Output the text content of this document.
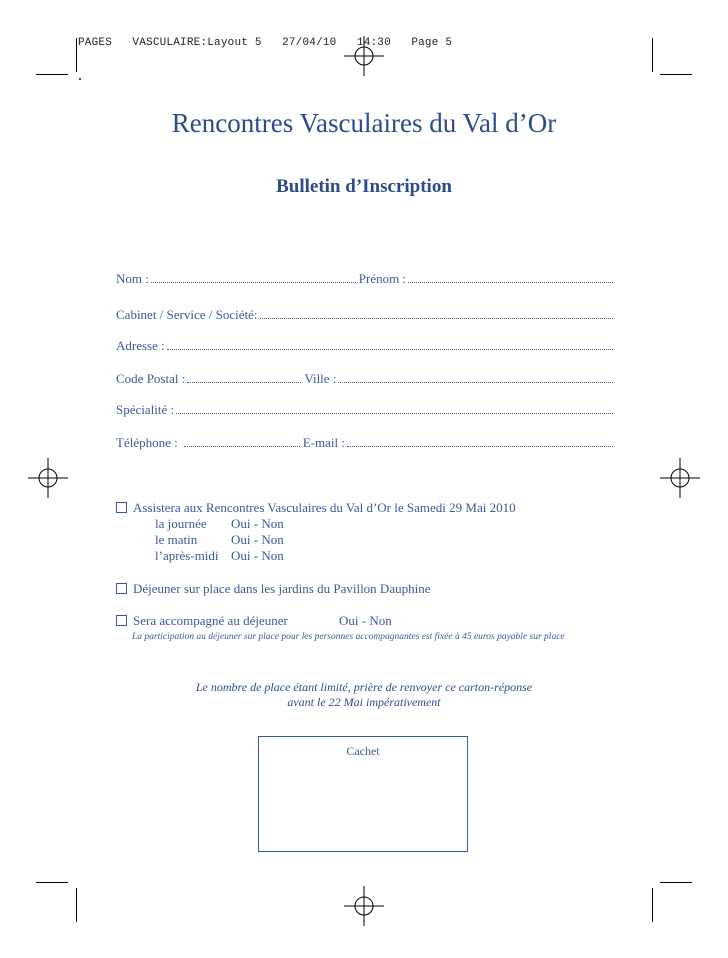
PAGES VASCULAIRE:Layout 5 27/04/10 14:30 Page 5
Rencontres Vasculaires du Val d’Or
Bulletin d’Inscription
Nom :	Prénom :
Cabinet / Service / Société:
Adresse :
Code Postal :	Ville :
Spécialité :
Téléphone :	E-mail :
Assistera aux Rencontres Vasculaires du Val d’Or le Samedi 29 Mai 2010
la journée	Oui - Non
le matin	Oui - Non
l’après-midi Oui - Non
Déjeuner sur place dans les jardins du Pavillon Dauphine
Sera accompagné au déjeuner	Oui - Non
La participation au déjeuner sur place pour les personnes accompagnantes est fixée à 45 euros payable sur place
Le nombre de place étant limité, prière de renvoyer ce carton-réponse
avant le 22 Mai impérativement
Cachet
